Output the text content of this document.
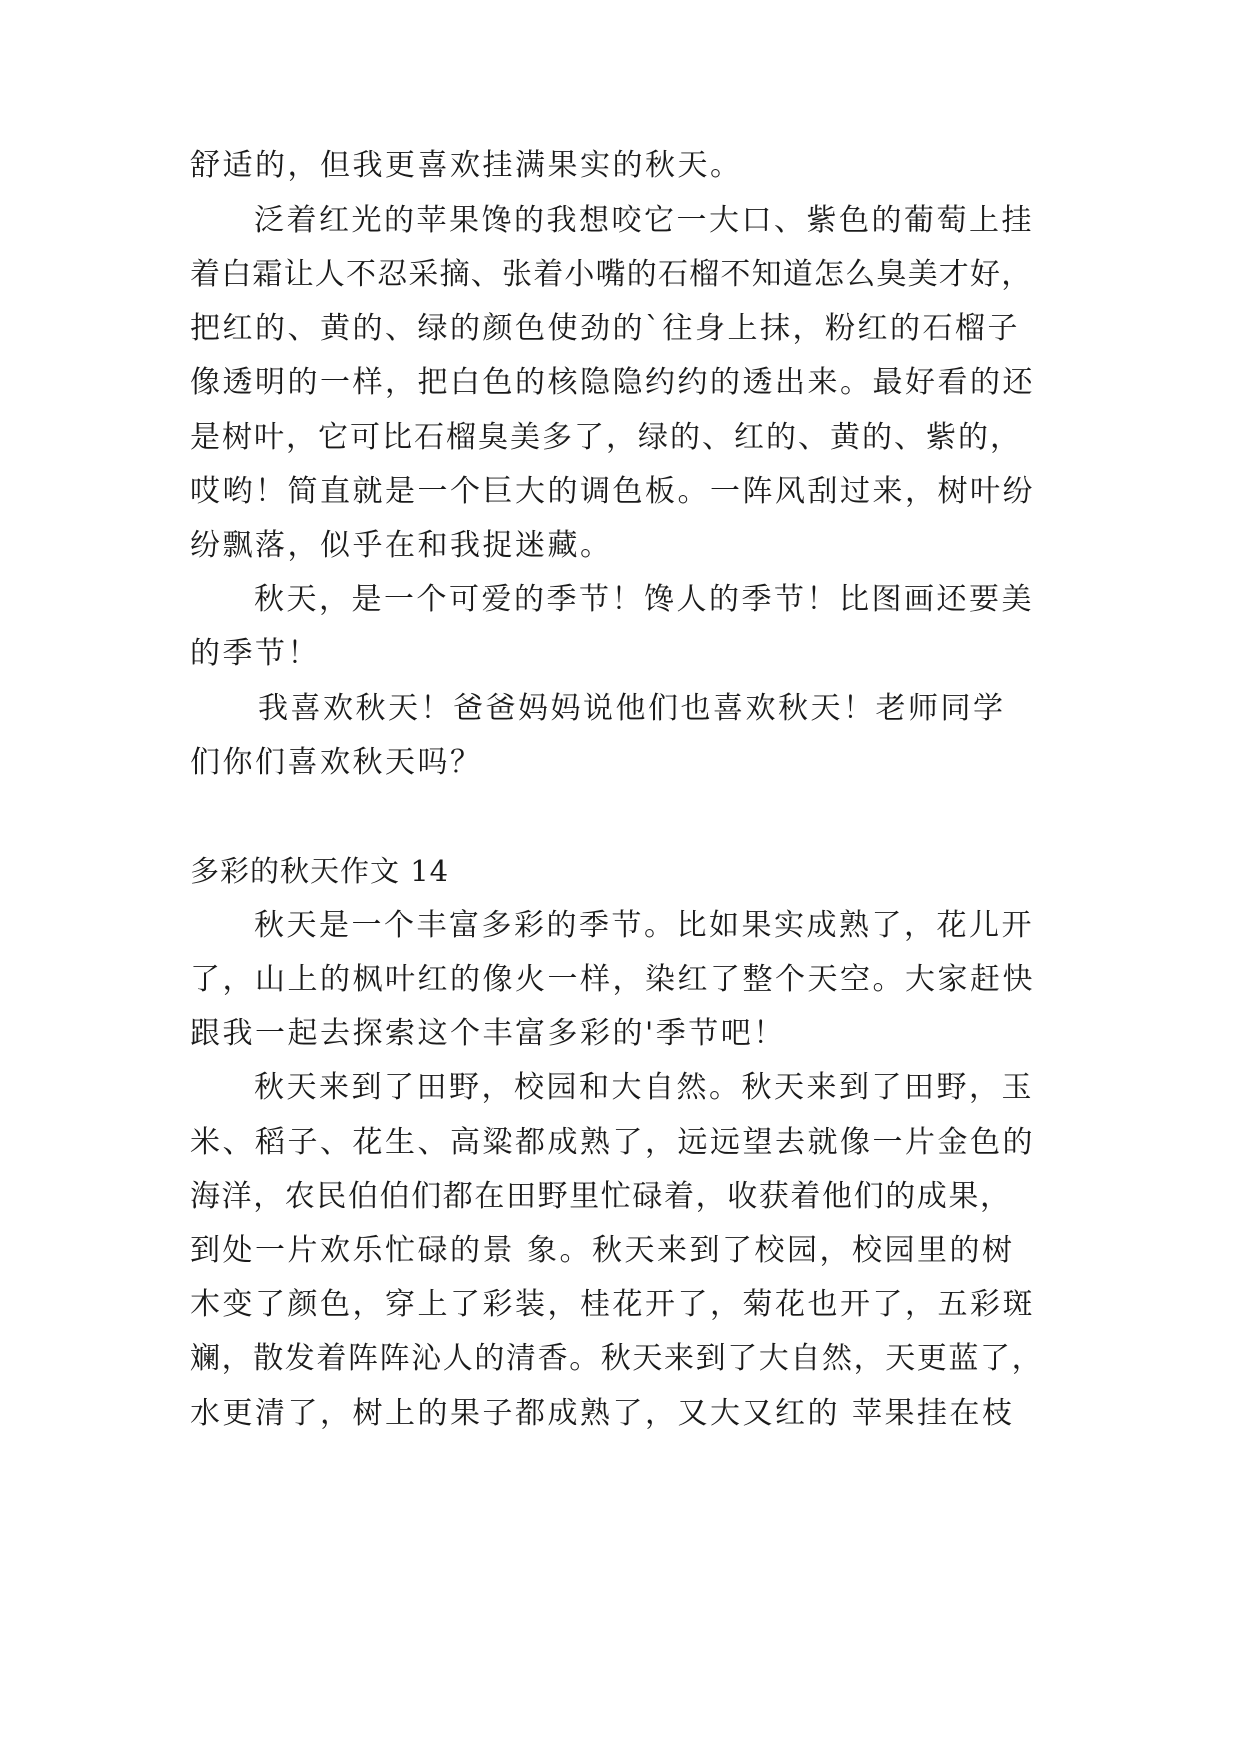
舒适的，但我更喜欢挂满果实的秋天。
泛着红光的苹果馋的我想咬它一大口、紫色的葡萄上挂
着白霜让人不忍采摘、张着小嘴的石榴不知道怎么臭美才好，
把红的、黄的、绿的颜色使劲的`往身上抹，粉红的石榴子
像透明的一样，把白色的核隐隐约约的透出来。最好看的还
是树叶，它可比石榴臭美多了，绿的、红的、黄的、紫的，
哎哟！简直就是一个巨大的调色板。一阵风刮过来，树叶纷
纷飘落，似乎在和我捉迷藏。
秋天，是一个可爱的季节！馋人的季节！比图画还要美
的季节！
我喜欢秋天！爸爸妈妈说他们也喜欢秋天！老师同学
们你们喜欢秋天吗？
多彩的秋天作文 14
秋天是一个丰富多彩的季节。比如果实成熟了，花儿开
了，山上的枫叶红的像火一样，染红了整个天空。大家赶快
跟我一起去探索这个丰富多彩的'季节吧！
秋天来到了田野，校园和大自然。秋天来到了田野，玉
米、稻子、花生、高粱都成熟了，远远望去就像一片金色的
海洋，农民伯伯们都在田野里忙碌着，收获着他们的成果，
到处一片欢乐忙碌的景 象。秋天来到了校园，校园里的树
木变了颜色，穿上了彩装，桂花开了，菊花也开了，五彩斑
斓，散发着阵阵沁人的清香。秋天来到了大自然，天更蓝了，
水更清了，树上的果子都成熟了，又大又红的 苹果挂在枝
